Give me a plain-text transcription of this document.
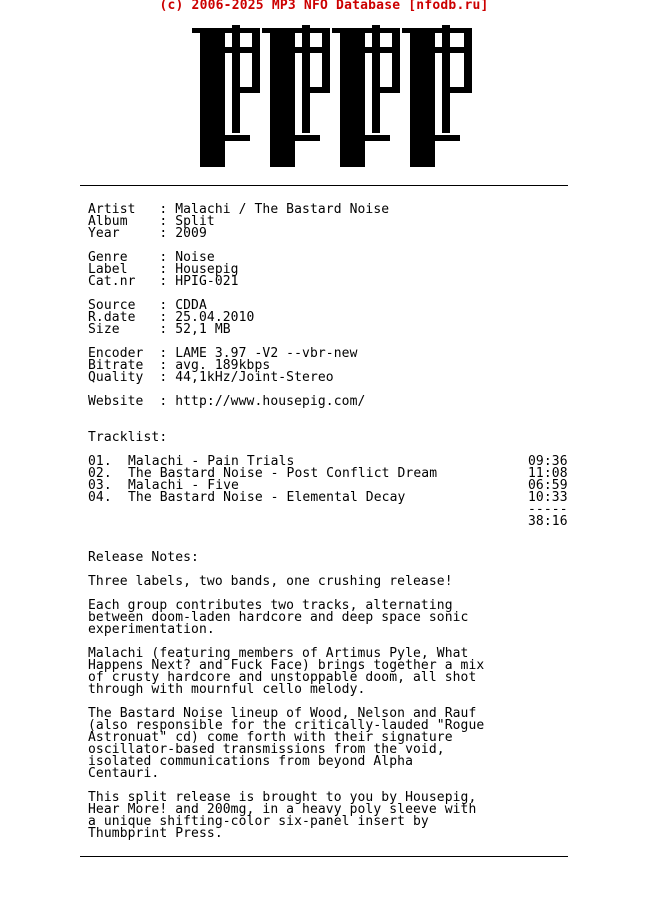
(c) 2006-2025 MP3 NFO Database [nfodb.ru]
Artist   : Malachi / The Bastard Noise
Album    : Split
Year     : 2009

Genre    : Noise
Label    : Housepig
Cat.nr   : HPIG-021

Source   : CDDA
R.date   : 25.04.2010
Size     : 52,1 MB

Encoder  : LAME 3.97 -V2 --vbr-new
Bitrate  : avg. 189kbps
Quality  : 44,1kHz/Joint-Stereo

Website  : http://www.housepig.com/

Tracklist:

01. Malachi - Pain Trials	09:36
02. The Bastard Noise - Post Conflict Dream	11:08
03. Malachi - Five	06:59
04. The Bastard Noise - Elemental Decay	10:33
-----
38:16

Release Notes:

Three labels, two bands, one crushing release!

Each group contributes two tracks, alternating
between doom-laden hardcore and deep space sonic
experimentation.

Malachi (featuring members of Artimus Pyle, What
Happens Next? and Fuck Face) brings together a mix
of crusty hardcore and unstoppable doom, all shot
through with mournful cello melody.

The Bastard Noise lineup of Wood, Nelson and Rauf
(also responsible for the critically-lauded "Rogue
Astronuat" cd) come forth with their signature
oscillator-based transmissions from the void,
isolated communications from beyond Alpha
Centauri.

This split release is brought to you by Housepig,
Hear More! and 200mg, in a heavy poly sleeve with
a unique shifting-color six-panel insert by
Thumbprint Press.
